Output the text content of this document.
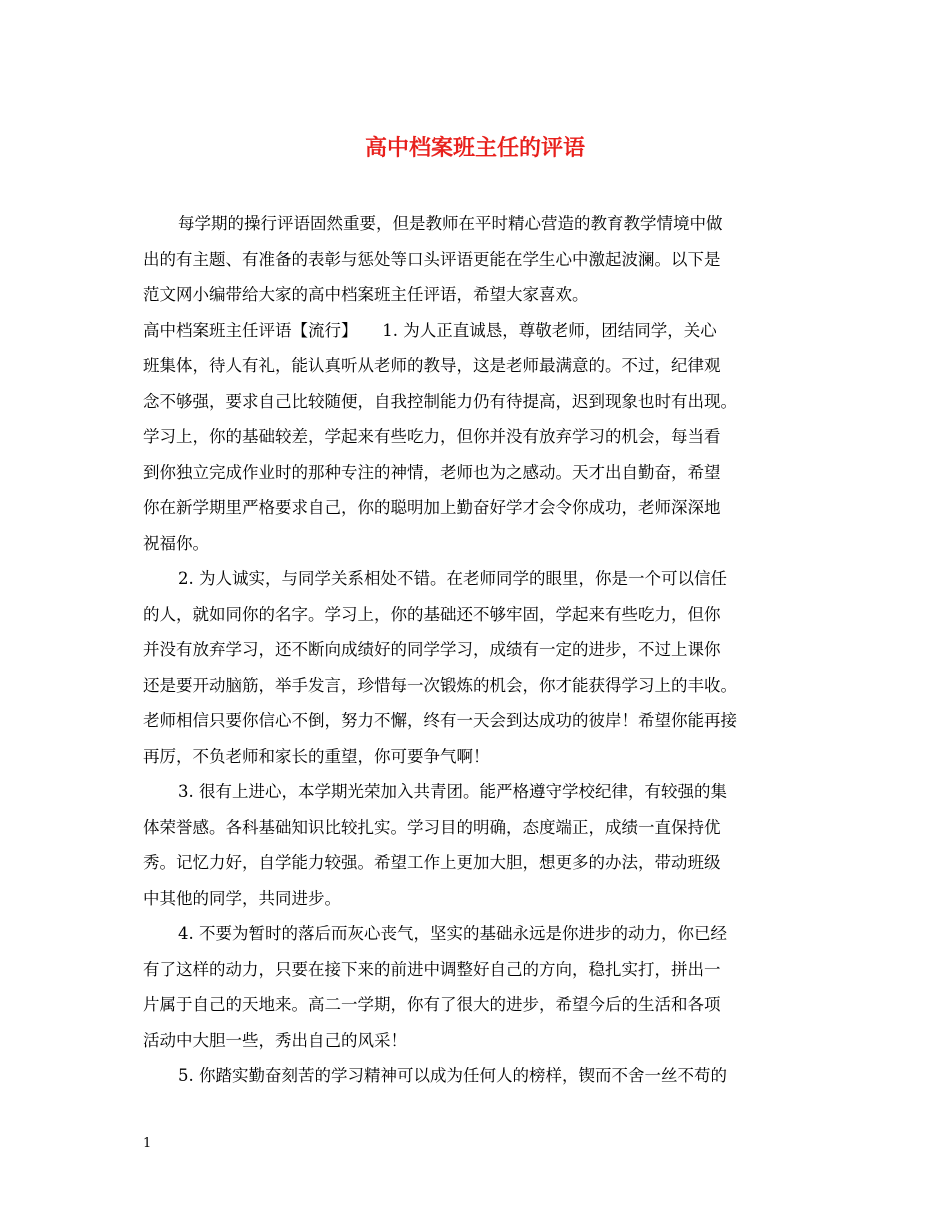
高中档案班主任的评语
每学期的操行评语固然重要，但是教师在平时精心营造的教育教学情境中做
出的有主题、有准备的表彰与惩处等口头评语更能在学生心中激起波澜。以下是
范文网小编带给大家的高中档案班主任评语，希望大家喜欢。
高中档案班主任评语【流行】　　1. 为人正直诚恳，尊敬老师，团结同学，关心
班集体，待人有礼，能认真听从老师的教导，这是老师最满意的。不过，纪律观
念不够强，要求自己比较随便，自我控制能力仍有待提高，迟到现象也时有出现。
学习上，你的基础较差，学起来有些吃力，但你并没有放弃学习的机会，每当看
到你独立完成作业时的那种专注的神情，老师也为之感动。天才出自勤奋，希望
你在新学期里严格要求自己，你的聪明加上勤奋好学才会令你成功，老师深深地
祝福你。
2. 为人诚实，与同学关系相处不错。在老师同学的眼里，你是一个可以信任
的人，就如同你的名字。学习上，你的基础还不够牢固，学起来有些吃力，但你
并没有放弃学习，还不断向成绩好的同学学习，成绩有一定的进步，不过上课你
还是要开动脑筋，举手发言，珍惜每一次锻炼的机会，你才能获得学习上的丰收。
老师相信只要你信心不倒，努力不懈，终有一天会到达成功的彼岸！希望你能再接
再厉，不负老师和家长的重望，你可要争气啊！
3. 很有上进心，本学期光荣加入共青团。能严格遵守学校纪律，有较强的集
体荣誉感。各科基础知识比较扎实。学习目的明确，态度端正，成绩一直保持优
秀。记忆力好，自学能力较强。希望工作上更加大胆，想更多的办法，带动班级
中其他的同学，共同进步。
4. 不要为暂时的落后而灰心丧气，坚实的基础永远是你进步的动力，你已经
有了这样的动力，只要在接下来的前进中调整好自己的方向，稳扎实打，拼出一
片属于自己的天地来。高二一学期，你有了很大的进步，希望今后的生活和各项
活动中大胆一些，秀出自己的风采！
5. 你踏实勤奋刻苦的学习精神可以成为任何人的榜样，锲而不舍一丝不苟的
1
